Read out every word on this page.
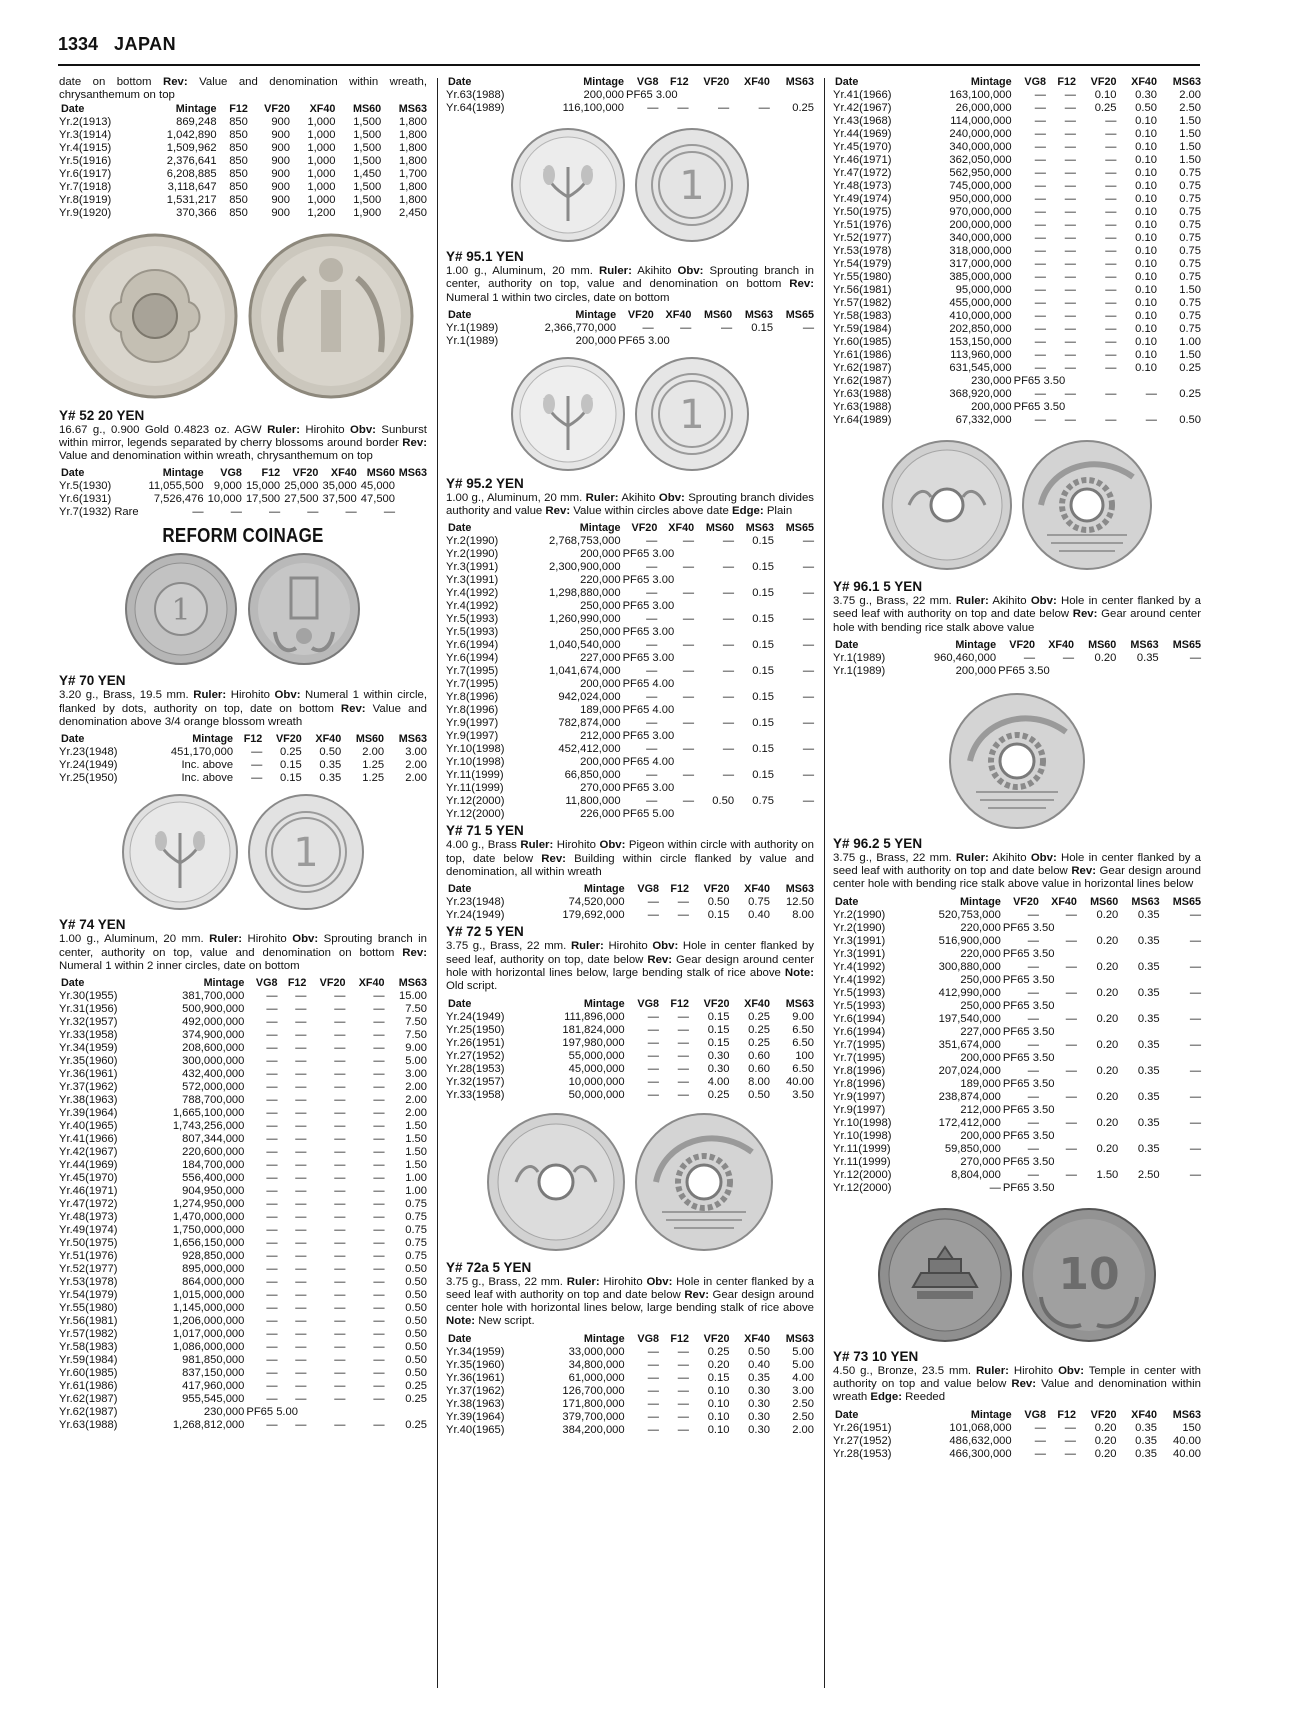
1334 JAPAN
date on bottom Rev: Value and denomination within wreath, chrysanthemum on top
Date	Mintage	F12	VF20	XF40	MS60	MS63
Yr.2(1913)	869,248	850	900	1,000	1,500	1,800
Yr.3(1914)	1,042,890	850	900	1,000	1,500	1,800
Yr.4(1915)	1,509,962	850	900	1,000	1,500	1,800
Yr.5(1916)	2,376,641	850	900	1,000	1,500	1,800
Yr.6(1917)	6,208,885	850	900	1,000	1,450	1,700
Yr.7(1918)	3,118,647	850	900	1,000	1,500	1,800
Yr.8(1919)	1,531,217	850	900	1,000	1,500	1,800
Yr.9(1920)	370,366	850	900	1,200	1,900	2,450
Y# 52 20 YEN
16.67 g., 0.900 Gold 0.4823 oz. AGW Ruler: Hirohito Obv: Sunburst within mirror, legends separated by cherry blossoms around border Rev: Value and denomination within wreath, chrysanthemum on top
Date	Mintage	VG8	F12	VF20	XF40	MS60	MS63
Yr.5(1930)	11,055,500	9,000	15,000	25,000	35,000	45,000	
Yr.6(1931)	7,526,476	10,000	17,500	27,500	37,500	47,500	
Yr.7(1932) Rare	—	—	—	—	—	—	
REFORM COINAGE
1
Y# 70 YEN
3.20 g., Brass, 19.5 mm. Ruler: Hirohito Obv: Numeral 1 within circle, flanked by dots, authority on top, date on bottom Rev: Value and denomination above 3/4 orange blossom wreath
Date	Mintage	F12	VF20	XF40	MS60	MS63
Yr.23(1948)	451,170,000	—	0.25	0.50	2.00	3.00
Yr.24(1949)	Inc. above	—	0.15	0.35	1.25	2.00
Yr.25(1950)	Inc. above	—	0.15	0.35	1.25	2.00
1
Y# 74 YEN
1.00 g., Aluminum, 20 mm. Ruler: Hirohito Obv: Sprouting branch in center, authority on top, value and denomination on bottom Rev: Numeral 1 within 2 inner circles, date on bottom
Date	Mintage	VG8	F12	VF20	XF40	MS63
Yr.30(1955)	381,700,000	—	—	—	—	15.00
Yr.31(1956)	500,900,000	—	—	—	—	7.50
Yr.32(1957)	492,000,000	—	—	—	—	7.50
Yr.33(1958)	374,900,000	—	—	—	—	7.50
Yr.34(1959)	208,600,000	—	—	—	—	9.00
Yr.35(1960)	300,000,000	—	—	—	—	5.00
Yr.36(1961)	432,400,000	—	—	—	—	3.00
Yr.37(1962)	572,000,000	—	—	—	—	2.00
Yr.38(1963)	788,700,000	—	—	—	—	2.00
Yr.39(1964)	1,665,100,000	—	—	—	—	2.00
Yr.40(1965)	1,743,256,000	—	—	—	—	1.50
Yr.41(1966)	807,344,000	—	—	—	—	1.50
Yr.42(1967)	220,600,000	—	—	—	—	1.50
Yr.44(1969)	184,700,000	—	—	—	—	1.50
Yr.45(1970)	556,400,000	—	—	—	—	1.00
Yr.46(1971)	904,950,000	—	—	—	—	1.00
Yr.47(1972)	1,274,950,000	—	—	—	—	0.75
Yr.48(1973)	1,470,000,000	—	—	—	—	0.75
Yr.49(1974)	1,750,000,000	—	—	—	—	0.75
Yr.50(1975)	1,656,150,000	—	—	—	—	0.75
Yr.51(1976)	928,850,000	—	—	—	—	0.75
Yr.52(1977)	895,000,000	—	—	—	—	0.50
Yr.53(1978)	864,000,000	—	—	—	—	0.50
Yr.54(1979)	1,015,000,000	—	—	—	—	0.50
Yr.55(1980)	1,145,000,000	—	—	—	—	0.50
Yr.56(1981)	1,206,000,000	—	—	—	—	0.50
Yr.57(1982)	1,017,000,000	—	—	—	—	0.50
Yr.58(1983)	1,086,000,000	—	—	—	—	0.50
Yr.59(1984)	981,850,000	—	—	—	—	0.50
Yr.60(1985)	837,150,000	—	—	—	—	0.50
Yr.61(1986)	417,960,000	—	—	—	—	0.25
Yr.62(1987)	955,545,000	—	—	—	—	0.25
Yr.62(1987)	230,000	PF65 5.00				
Yr.63(1988)	1,268,812,000	—	—	—	—	0.25
Date	Mintage	VG8	F12	VF20	XF40	MS63
Yr.63(1988)	200,000	PF65 3.00				
Yr.64(1989)	116,100,000	—	—	—	—	0.25
1
Y# 95.1 YEN
1.00 g., Aluminum, 20 mm. Ruler: Akihito Obv: Sprouting branch in center, authority on top, value and denomination on bottom Rev: Numeral 1 within two circles, date on bottom
Date	Mintage	VF20	XF40	MS60	MS63	MS65
Yr.1(1989)	2,366,770,000	—	—	—	0.15	—
Yr.1(1989)	200,000	PF65 3.00				
1
Y# 95.2 YEN
1.00 g., Aluminum, 20 mm. Ruler: Akihito Obv: Sprouting branch divides authority and value Rev: Value within circles above date Edge: Plain
Date	Mintage	VF20	XF40	MS60	MS63	MS65
Yr.2(1990)	2,768,753,000	—	—	—	0.15	—
Yr.2(1990)	200,000	PF65 3.00				
Yr.3(1991)	2,300,900,000	—	—	—	0.15	—
Yr.3(1991)	220,000	PF65 3.00				
Yr.4(1992)	1,298,880,000	—	—	—	0.15	—
Yr.4(1992)	250,000	PF65 3.00				
Yr.5(1993)	1,260,990,000	—	—	—	0.15	—
Yr.5(1993)	250,000	PF65 3.00				
Yr.6(1994)	1,040,540,000	—	—	—	0.15	—
Yr.6(1994)	227,000	PF65 3.00				
Yr.7(1995)	1,041,674,000	—	—	—	0.15	—
Yr.7(1995)	200,000	PF65 4.00				
Yr.8(1996)	942,024,000	—	—	—	0.15	—
Yr.8(1996)	189,000	PF65 4.00				
Yr.9(1997)	782,874,000	—	—	—	0.15	—
Yr.9(1997)	212,000	PF65 3.00				
Yr.10(1998)	452,412,000	—	—	—	0.15	—
Yr.10(1998)	200,000	PF65 4.00				
Yr.11(1999)	66,850,000	—	—	—	0.15	—
Yr.11(1999)	270,000	PF65 3.00				
Yr.12(2000)	11,800,000	—	—	0.50	0.75	—
Yr.12(2000)	226,000	PF65 5.00				
Y# 71 5 YEN
4.00 g., Brass Ruler: Hirohito Obv: Pigeon within circle with authority on top, date below Rev: Building within circle flanked by value and denomination, all within wreath
Date	Mintage	VG8	F12	VF20	XF40	MS63
Yr.23(1948)	74,520,000	—	—	0.50	0.75	12.50
Yr.24(1949)	179,692,000	—	—	0.15	0.40	8.00
Y# 72 5 YEN
3.75 g., Brass, 22 mm. Ruler: Hirohito Obv: Hole in center flanked by seed leaf, authority on top, date below Rev: Gear design around center hole with horizontal lines below, large bending stalk of rice above Note: Old script.
Date	Mintage	VG8	F12	VF20	XF40	MS63
Yr.24(1949)	111,896,000	—	—	0.15	0.25	9.00
Yr.25(1950)	181,824,000	—	—	0.15	0.25	6.50
Yr.26(1951)	197,980,000	—	—	0.15	0.25	6.50
Yr.27(1952)	55,000,000	—	—	0.30	0.60	100
Yr.28(1953)	45,000,000	—	—	0.30	0.60	6.50
Yr.32(1957)	10,000,000	—	—	4.00	8.00	40.00
Yr.33(1958)	50,000,000	—	—	0.25	0.50	3.50
Y# 72a 5 YEN
3.75 g., Brass, 22 mm. Ruler: Hirohito Obv: Hole in center flanked by a seed leaf with authority on top and date below Rev: Gear design around center hole with horizontal lines below, large bending stalk of rice above Note: New script.
Date	Mintage	VG8	F12	VF20	XF40	MS63
Yr.34(1959)	33,000,000	—	—	0.25	0.50	5.00
Yr.35(1960)	34,800,000	—	—	0.20	0.40	5.00
Yr.36(1961)	61,000,000	—	—	0.15	0.35	4.00
Yr.37(1962)	126,700,000	—	—	0.10	0.30	3.00
Yr.38(1963)	171,800,000	—	—	0.10	0.30	2.50
Yr.39(1964)	379,700,000	—	—	0.10	0.30	2.50
Yr.40(1965)	384,200,000	—	—	0.10	0.30	2.00
Date	Mintage	VG8	F12	VF20	XF40	MS63
Yr.41(1966)	163,100,000	—	—	0.10	0.30	2.00
Yr.42(1967)	26,000,000	—	—	0.25	0.50	2.50
Yr.43(1968)	114,000,000	—	—	—	0.10	1.50
Yr.44(1969)	240,000,000	—	—	—	0.10	1.50
Yr.45(1970)	340,000,000	—	—	—	0.10	1.50
Yr.46(1971)	362,050,000	—	—	—	0.10	1.50
Yr.47(1972)	562,950,000	—	—	—	0.10	0.75
Yr.48(1973)	745,000,000	—	—	—	0.10	0.75
Yr.49(1974)	950,000,000	—	—	—	0.10	0.75
Yr.50(1975)	970,000,000	—	—	—	0.10	0.75
Yr.51(1976)	200,000,000	—	—	—	0.10	0.75
Yr.52(1977)	340,000,000	—	—	—	0.10	0.75
Yr.53(1978)	318,000,000	—	—	—	0.10	0.75
Yr.54(1979)	317,000,000	—	—	—	0.10	0.75
Yr.55(1980)	385,000,000	—	—	—	0.10	0.75
Yr.56(1981)	95,000,000	—	—	—	0.10	1.50
Yr.57(1982)	455,000,000	—	—	—	0.10	0.75
Yr.58(1983)	410,000,000	—	—	—	0.10	0.75
Yr.59(1984)	202,850,000	—	—	—	0.10	0.75
Yr.60(1985)	153,150,000	—	—	—	0.10	1.00
Yr.61(1986)	113,960,000	—	—	—	0.10	1.50
Yr.62(1987)	631,545,000	—	—	—	0.10	0.25
Yr.62(1987)	230,000	PF65 3.50				
Yr.63(1988)	368,920,000	—	—	—	—	0.25
Yr.63(1988)	200,000	PF65 3.50				
Yr.64(1989)	67,332,000	—	—	—	—	0.50
Y# 96.1 5 YEN
3.75 g., Brass, 22 mm. Ruler: Akihito Obv: Hole in center flanked by a seed leaf with authority on top and date below Rev: Gear around center hole with bending rice stalk above value
Date	Mintage	VF20	XF40	MS60	MS63	MS65
Yr.1(1989)	960,460,000	—	—	0.20	0.35	—
Yr.1(1989)	200,000	PF65 3.50				
Y# 96.2 5 YEN
3.75 g., Brass, 22 mm. Ruler: Akihito Obv: Hole in center flanked by a seed leaf with authority on top and date below Rev: Gear design around center hole with bending rice stalk above value in horizontal lines below
Date	Mintage	VF20	XF40	MS60	MS63	MS65
Yr.2(1990)	520,753,000	—	—	0.20	0.35	—
Yr.2(1990)	220,000	PF65 3.50				
Yr.3(1991)	516,900,000	—	—	0.20	0.35	—
Yr.3(1991)	220,000	PF65 3.50				
Yr.4(1992)	300,880,000	—	—	0.20	0.35	—
Yr.4(1992)	250,000	PF65 3.50				
Yr.5(1993)	412,990,000	—	—	0.20	0.35	—
Yr.5(1993)	250,000	PF65 3.50				
Yr.6(1994)	197,540,000	—	—	0.20	0.35	—
Yr.6(1994)	227,000	PF65 3.50				
Yr.7(1995)	351,674,000	—	—	0.20	0.35	—
Yr.7(1995)	200,000	PF65 3.50				
Yr.8(1996)	207,024,000	—	—	0.20	0.35	—
Yr.8(1996)	189,000	PF65 3.50				
Yr.9(1997)	238,874,000	—	—	0.20	0.35	—
Yr.9(1997)	212,000	PF65 3.50				
Yr.10(1998)	172,412,000	—	—	0.20	0.35	—
Yr.10(1998)	200,000	PF65 3.50				
Yr.11(1999)	59,850,000	—	—	0.20	0.35	—
Yr.11(1999)	270,000	PF65 3.50				
Yr.12(2000)	8,804,000	—	—	1.50	2.50	—
Yr.12(2000)	—	PF65 3.50				
10
Y# 73 10 YEN
4.50 g., Bronze, 23.5 mm. Ruler: Hirohito Obv: Temple in center with authority on top and value below Rev: Value and denomination within wreath Edge: Reeded
Date	Mintage	VG8	F12	VF20	XF40	MS63
Yr.26(1951)	101,068,000	—	—	0.20	0.35	150
Yr.27(1952)	486,632,000	—	—	0.20	0.35	40.00
Yr.28(1953)	466,300,000	—	—	0.20	0.35	40.00
